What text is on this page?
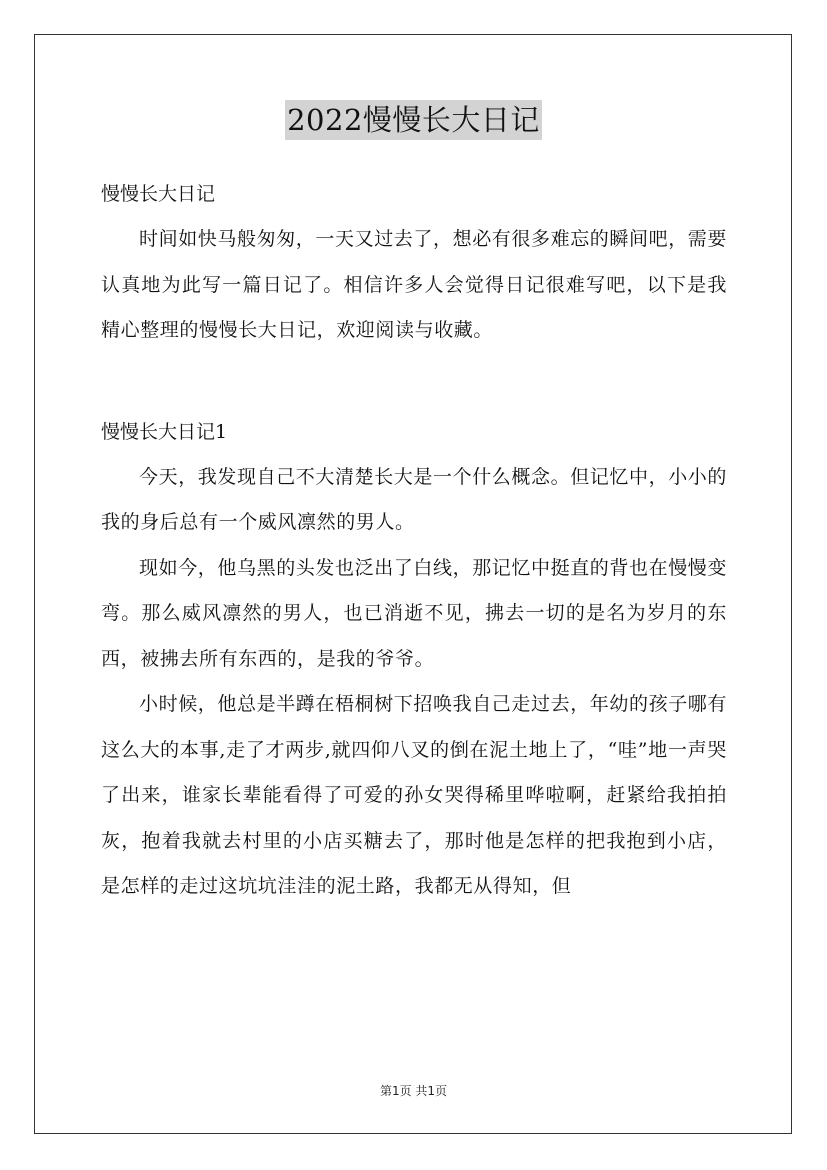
2022慢慢长大日记

慢慢长大日记

时间如快马般匆匆，一天又过去了，想必有很多难忘的瞬间吧，需要认真地为此写一篇日记了。相信许多人会觉得日记很难写吧，以下是我精心整理的慢慢长大日记，欢迎阅读与收藏。

慢慢长大日记1

今天，我发现自己不大清楚长大是一个什么概念。但记忆中，小小的我的身后总有一个威风凛然的男人。

现如今，他乌黑的头发也泛出了白线，那记忆中挺直的背也在慢慢变弯。那么威风凛然的男人，也已消逝不见，拂去一切的是名为岁月的东西，被拂去所有东西的，是我的爷爷。

小时候，他总是半蹲在梧桐树下招唤我自己走过去，年幼的孩子哪有这么大的本事,走了才两步,就四仰八叉的倒在泥土地上了，“哇”地一声哭了出来，谁家长辈能看得了可爱的孙女哭得稀里哗啦啊，赶紧给我拍拍灰，抱着我就去村里的小店买糖去了，那时他是怎样的把我抱到小店，是怎样的走过这坑坑洼洼的泥土路，我都无从得知，但

第1页 共1页
